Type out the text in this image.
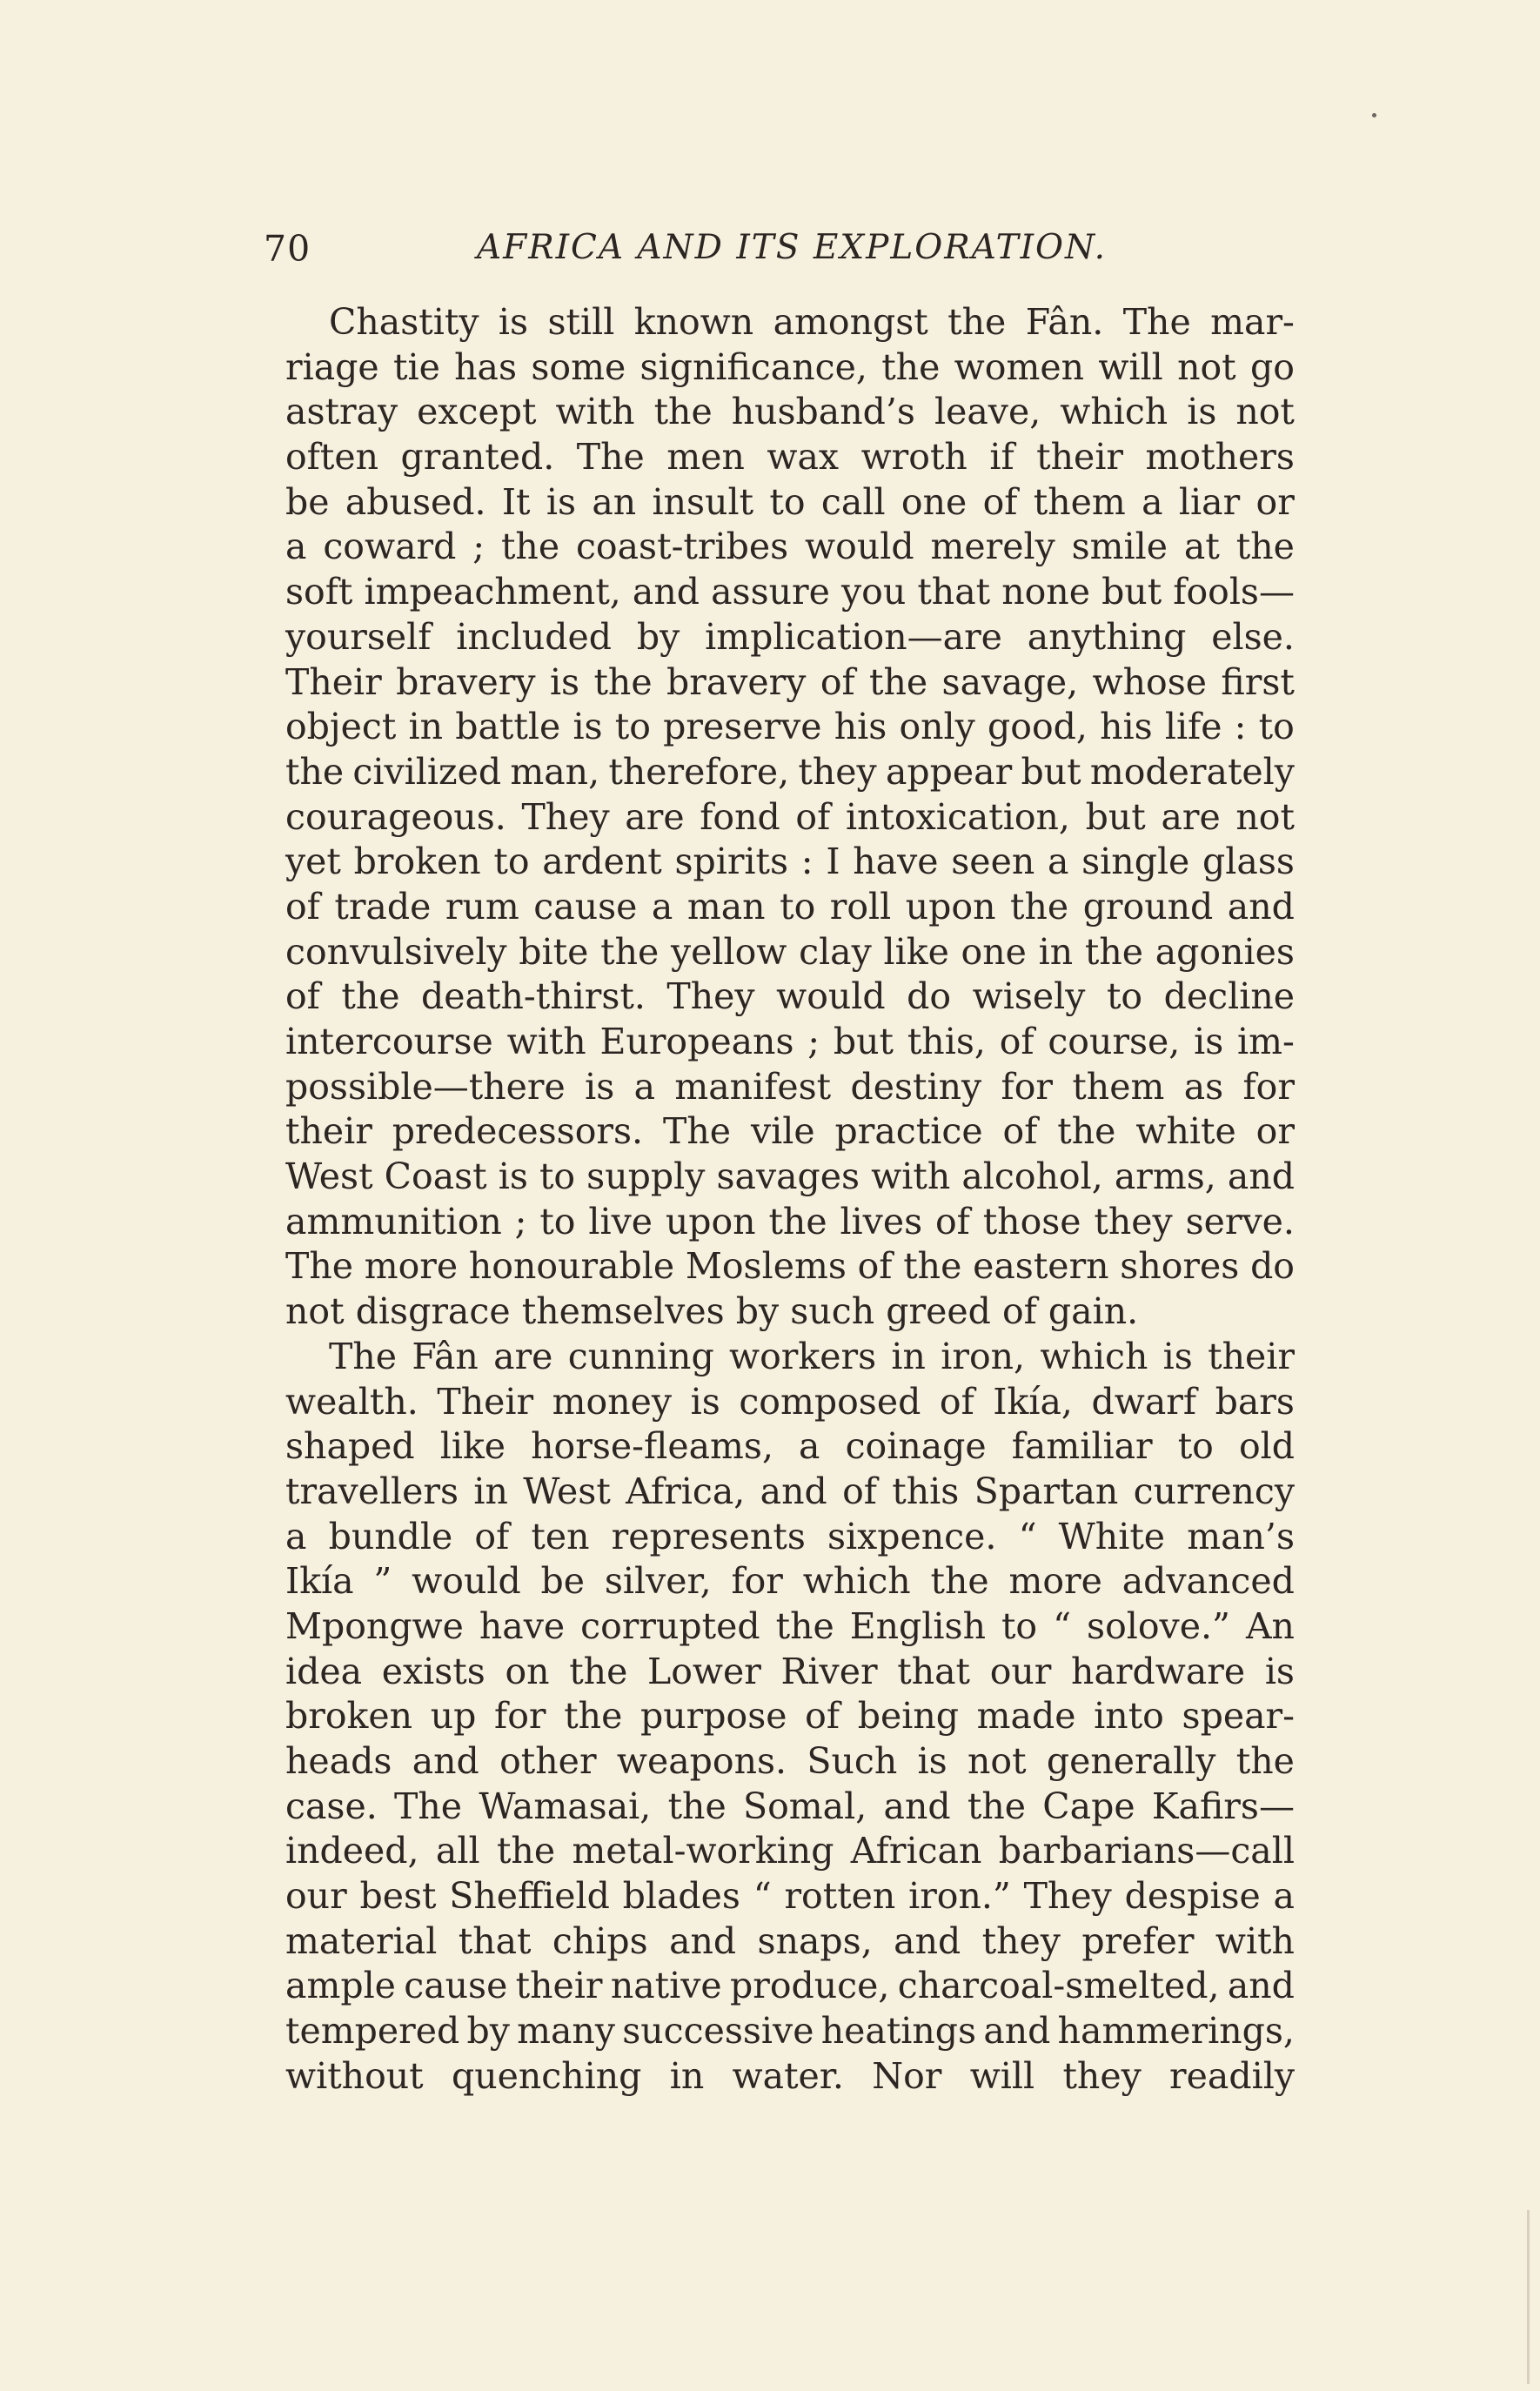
70	AFRICA AND ITS EXPLORATION.
Chastity is still known amongst the Fân. The mar-
riage tie has some significance, the women will not go
astray except with the husband’s leave, which is not
often granted. The men wax wroth if their mothers
be abused. It is an insult to call one of them a liar or
a coward ; the coast-tribes would merely smile at the
soft impeachment, and assure you that none but fools—
yourself included by implication—are anything else.
Their bravery is the bravery of the savage, whose first
object in battle is to preserve his only good, his life : to
the civilized man, therefore, they appear but moderately
courageous. They are fond of intoxication, but are not
yet broken to ardent spirits : I have seen a single glass
of trade rum cause a man to roll upon the ground and
convulsively bite the yellow clay like one in the agonies
of the death-thirst. They would do wisely to decline
intercourse with Europeans ; but this, of course, is im-
possible—there is a manifest destiny for them as for
their predecessors. The vile practice of the white or
West Coast is to supply savages with alcohol, arms, and
ammunition ; to live upon the lives of those they serve.
The more honourable Moslems of the eastern shores do
not disgrace themselves by such greed of gain.
The Fân are cunning workers in iron, which is their
wealth. Their money is composed of Ikía, dwarf bars
shaped like horse-fleams, a coinage familiar to old
travellers in West Africa, and of this Spartan currency
a bundle of ten represents sixpence. “ White man’s
Ikía ” would be silver, for which the more advanced
Mpongwe have corrupted the English to “ solove.” An
idea exists on the Lower River that our hardware is
broken up for the purpose of being made into spear-
heads and other weapons. Such is not generally the
case. The Wamasai, the Somal, and the Cape Kafirs—
indeed, all the metal-working African barbarians—call
our best Sheffield blades “ rotten iron.” They despise a
material that chips and snaps, and they prefer with
ample cause their native produce, charcoal-smelted, and
tempered by many successive heatings and hammerings,
without quenching in water. Nor will they readily
